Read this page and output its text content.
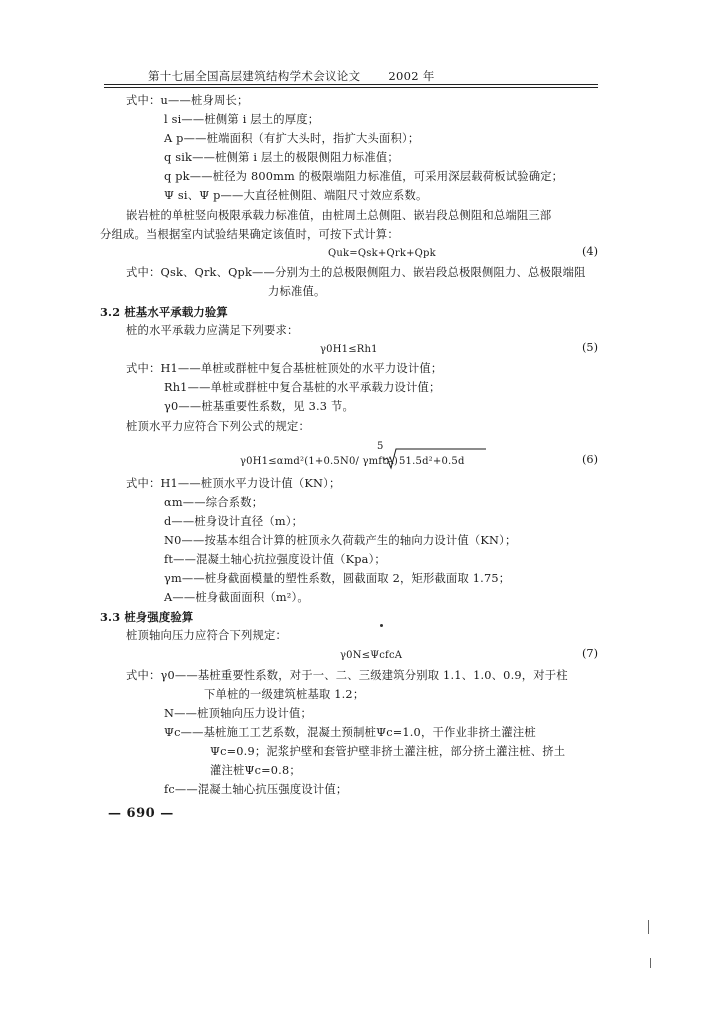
第十七届全国高层建筑结构学术会议论文 2002 年
式中：u——桩身周长；
l si——桩侧第 i 层土的厚度；
A p——桩端面积（有扩大头时，指扩大头面积）；
q sik——桩侧第 i 层土的极限侧阻力标准值；
q pk——桩径为 800mm 的极限端阻力标准值，可采用深层载荷板试验确定；
Ψ si、Ψ p——大直径桩侧阻、端阻尺寸效应系数。
嵌岩桩的单桩竖向极限承载力标准值，由桩周土总侧阻、嵌岩段总侧阻和总端阻三部
分组成。当根据室内试验结果确定该值时，可按下式计算：
Quk=Qsk+Qrk+Qpk	(4)
式中：Qsk、Qrk、Qpk——分别为土的总极限侧阻力、嵌岩段总极限侧阻力、总极限端阻
力标准值。
3.2 桩基水平承载力验算
桩的水平承载力应满足下列要求：
γ0H1≤Rh1	(5)
式中：H1——单桩或群桩中复合基桩桩顶处的水平力设计值；
Rh1——单桩或群桩中复合基桩的水平承载力设计值；
γ0——桩基重要性系数，见 3.3 节。
桩顶水平力应符合下列公式的规定：
γ0H1≤αmd²(1+0.5N0/ γmftA)
5
51.5d²+0.5d	(6)
式中：H1——桩顶水平力设计值（KN）；
αm——综合系数；
d——桩身设计直径（m）；
N0——按基本组合计算的桩顶永久荷载产生的轴向力设计值（KN）；
ft——混凝土轴心抗拉强度设计值（Kpa）；
γm——桩身截面模量的塑性系数，圆截面取 2，矩形截面取 1.75；
A——桩身截面面积（m²）。
3.3 桩身强度验算
桩顶轴向压力应符合下列规定：
γ0N≤ΨcfcA	(7)
式中：γ0——基桩重要性系数，对于一、二、三级建筑分别取 1.1、1.0、0.9，对于柱
下单桩的一级建筑桩基取 1.2；
N——桩顶轴向压力设计值；
Ψc——基桩施工工艺系数，混凝土预制桩Ψc=1.0，干作业非挤土灌注桩
Ψc=0.9；泥浆护壁和套管护壁非挤土灌注桩，部分挤土灌注桩、挤土
灌注桩Ψc=0.8；
fc——混凝土轴心抗压强度设计值；
— 690 —
